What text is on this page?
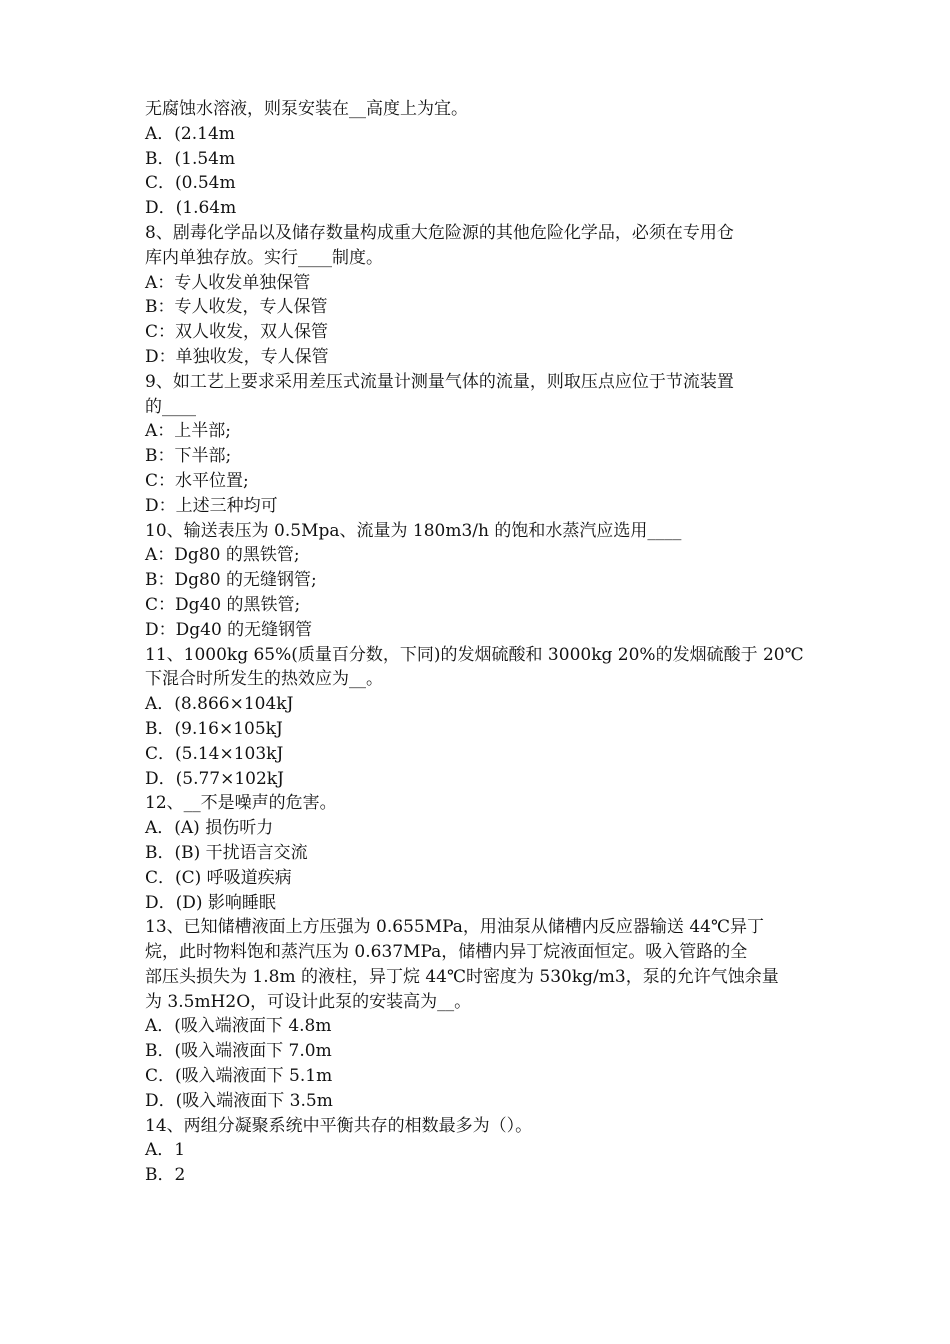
无腐蚀水溶液，则泵安装在__高度上为宜。
A．(2.14m
B．(1.54m
C．(0.54m
D．(1.64m
8、剧毒化学品以及储存数量构成重大危险源的其他危险化学品，必须在专用仓
库内单独存放。实行____制度。
A：专人收发单独保管
B：专人收发，专人保管
C：双人收发，双人保管
D：单独收发，专人保管
9、如工艺上要求采用差压式流量计测量气体的流量，则取压点应位于节流装置
的____
A：上半部;
B：下半部;
C：水平位置;
D：上述三种均可
10、输送表压为 0.5Mpa、流量为 180m3/h 的饱和水蒸汽应选用____
A：Dg80 的黑铁管;
B：Dg80 的无缝钢管;
C：Dg40 的黑铁管;
D：Dg40 的无缝钢管
11、1000kg 65%(质量百分数，下同)的发烟硫酸和 3000kg 20%的发烟硫酸于 20℃
下混合时所发生的热效应为__。
A．(8.866×104kJ
B．(9.16×105kJ
C．(5.14×103kJ
D．(5.77×102kJ
12、__不是噪声的危害。
A．(A) 损伤听力
B．(B) 干扰语言交流
C．(C) 呼吸道疾病
D．(D) 影响睡眠
13、已知储槽液面上方压强为 0.655MPa，用油泵从储槽内反应器输送 44℃异丁
烷，此时物料饱和蒸汽压为 0.637MPa，储槽内异丁烷液面恒定。吸入管路的全
部压头损失为 1.8m 的液柱，异丁烷 44℃时密度为 530kg/m3，泵的允许气蚀余量
为 3.5mH2O，可设计此泵的安装高为__。
A．(吸入端液面下 4.8m
B．(吸入端液面下 7.0m
C．(吸入端液面下 5.1m
D．(吸入端液面下 3.5m
14、两组分凝聚系统中平衡共存的相数最多为（）。
A．1
B．2
